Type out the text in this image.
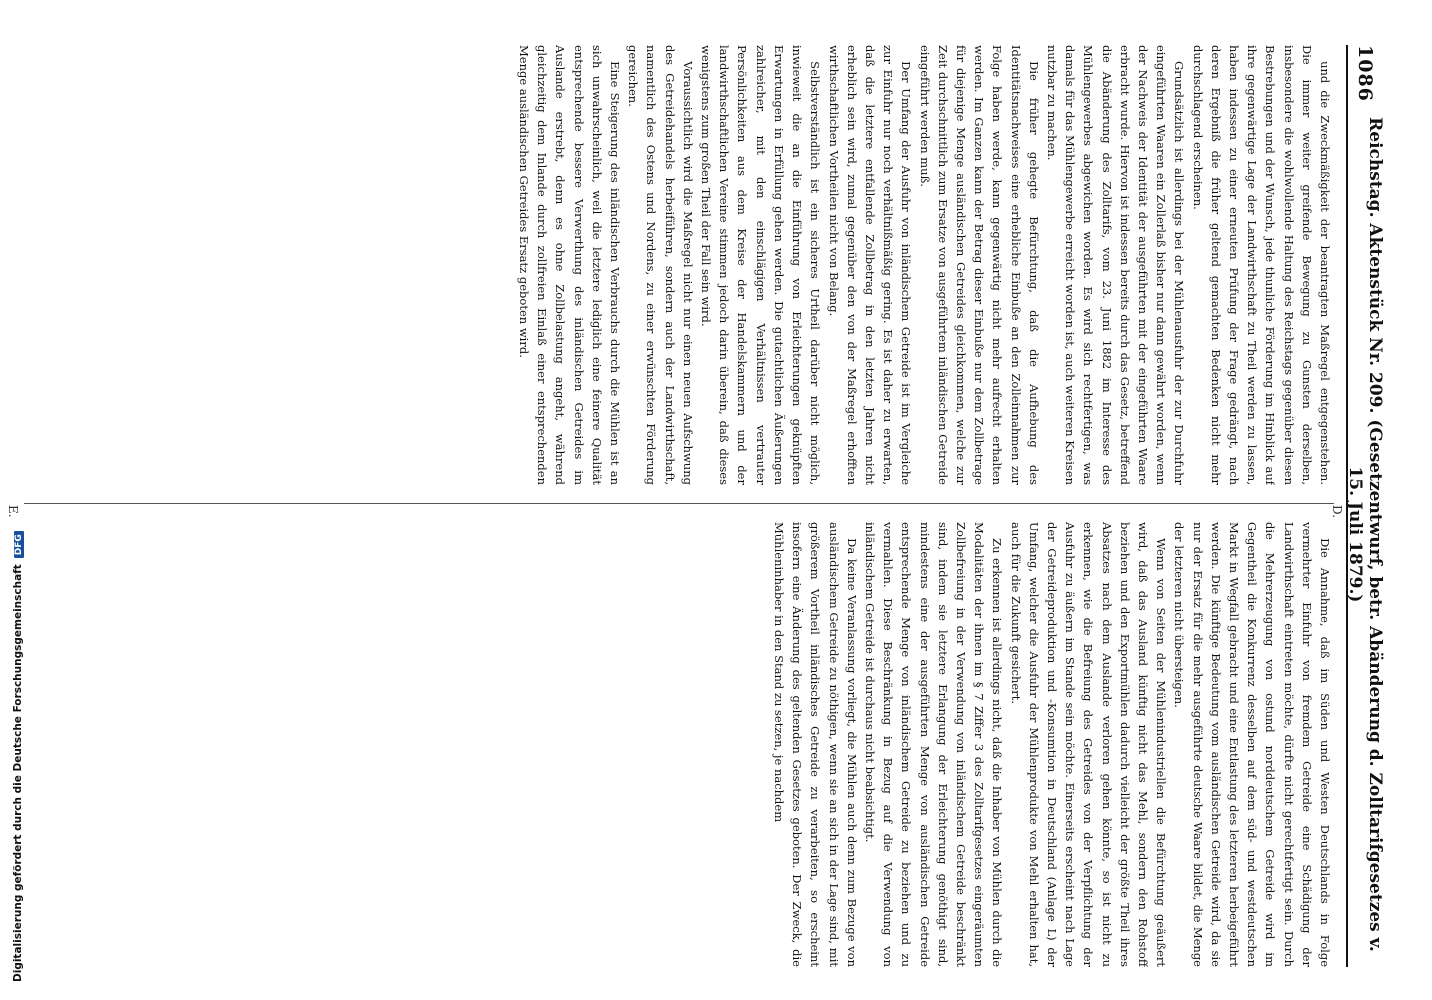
1086
Reichstag. Aktenstück Nr. 209. (Gesetzentwurf, betr. Abänderung d. Zolltarifgesetzes v. 15. Juli 1879.)

und die Zweckmäßigkeit der beantragten Maßregel entgegenstehen. Die immer weiter greifende Bewegung zu Gunsten derselben, insbesondere die wohlwollende Haltung des Reichstags gegenüber diesen Bestrebungen und der Wunsch, jede thunliche Förderung im Hinblick auf ihre gegenwärtige Lage der Landwirthschaft zu Theil werden zu lassen, haben indessen zu einer erneuten Prüfung der Frage gedrängt, nach deren Ergebniß die früher geltend gemachten Bedenken nicht mehr durchschlagend erscheinen.

Grundsätzlich ist allerdings bei der Mühlenausfuhr der zur Durchfuhr eingeführten Waaren ein Zollerlaß bisher nur dann gewährt worden, wenn der Nachweis der Identität der ausgeführten mit der eingeführten Waare erbracht wurde. Hiervon ist indessen bereits durch das Gesetz, betreffend die Abänderung des Zolltarifs, vom 23. Juni 1882 im Interesse des Mühlengewerbes abgewichen worden. Es wird sich rechtfertigen, was damals für das Mühlengewerbe erreicht worden ist, auch weiteren Kreisen nutzbar zu machen.

Die früher gehegte Befürchtung, daß die Aufhebung des Identitätsnachweises eine erhebliche Einbuße an den Zolleinnahmen zur Folge haben werde, kann gegenwärtig nicht mehr aufrecht erhalten werden. Im Ganzen kann der Betrag dieser Einbuße nur dem Zollbetrage für diejenige Menge ausländischen Getreides gleichkommen, welche zur Zeit durchschnittlich zum Ersatze von ausgeführtem inländischen Getreide eingeführt werden muß.

Der Umfang der Ausfuhr von inländischem Getreide ist im Vergleiche zur Einfuhr nur noch verhältnißmäßig gering. Es ist daher zu erwarten, daß die letztere entfallende Zollbetrag in den letzten Jahren nicht erheblich sein wird, zumal gegenüber den von der Maßregel erhofften wirthschaftlichen Vortheilen nicht von Belang.

Selbstverständlich ist ein sicheres Urtheil darüber nicht möglich, inwieweit die an die Einführung von Erleichterungen geknüpften Erwartungen in Erfüllung gehen werden. Die gutachtlichen Äußerungen zahlreicher, mit den einschlägigen Verhältnissen vertrauter Persönlichkeiten aus dem Kreise der Handelskammern und der landwirthschaftlichen Vereine stimmen jedoch darin überein, daß dieses wenigstens zum großen Theil der Fall sein wird.

Voraussichtlich wird die Maßregel nicht nur einen neuen Aufschwung des Getreidehandels herbeiführen, sondern auch der Landwirthschaft, namentlich des Ostens und Nordens, zu einer erwünschten Förderung gereichen.

Eine Steigerung des inländischen Verbrauchs durch die Mühlen ist an sich unwahrscheinlich, weil die letztere lediglich eine feinere Qualität entsprechende bessere Verwerthung des inländischen Getreides im Auslande erstrebt, denn es ohne Zollbelastung angeht, während gleichzeitig dem Inlande durch zollfreien Einlaß einer entsprechenden Menge ausländischen Getreides Ersatz geboten wird.

Die Annahme, daß im Süden und Westen Deutschlands in Folge vermehrter Einfuhr von fremdem Getreide eine Schädigung der Landwirthschaft eintreten möchte, dürfte nicht gerechtfertigt sein. Durch die Mehrerzeugung von ostund norddeutschem Getreide wird im Gegentheil die Konkurrenz desselben auf dem süd- und westdeutschen Markt in Wegfall gebracht und eine Entlastung des letzteren herbeigeführt werden. Die künftige Bedeutung vom ausländischen Getreide wird, da sie nur der Ersatz für die mehr ausgeführte deutsche Waare bildet, die Menge der letzteren nicht übersteigen.

Wenn von Seiten der Mühlenindustriellen die Befürchtung geäußert wird, daß das Ausland künftig nicht das Mehl, sondern den Rohstoff beziehen und den Exportmühlen dadurch vielleicht der größte Theil ihres Absatzes nach dem Auslande verloren gehen könnte, so ist nicht zu erkennen, wie die Befreiung des Getreides von der Verpflichtung der Ausfuhr zu äußern im Stande sein möchte. Einerseits erscheint nach Lage der Getreideproduktion und -Konsumtion in Deutschland (Anlage L) der Umfang, welcher die Ausfuhr der Mühlenprodukte von Mehl erhalten hat, auch für die Zukunft gesichert.

Zu erkennen ist allerdings nicht, daß die Inhaber von Mühlen durch die Modalitäten der ihnen im § 7 Ziffer 3 des Zolltarifgesetzes eingeräumten Zollbefreiung in der Verwendung von inländischem Getreide beschränkt sind, indem sie letztere Erlangung der Erleichterung genöthigt sind, mindestens eine der ausgeführten Menge von ausländischen Getreide entsprechende Menge von inländischem Getreide zu beziehen und zu vermahlen. Diese Beschränkung in Bezug auf die Verwendung von inländischem Getreide ist durchaus nicht beabsichtigt.

Da keine Veranlassung vorliegt, die Mühlen auch denn zum Bezuge von ausländischem Getreide zu nöthigen, wenn sie an sich in der Lage sind, mit größerem Vortheil inländisches Getreide zu verarbeiten, so erscheint insofern eine Änderung des geltenden Gesetzes geboten. Der Zweck, die Mühleninhaber in den Stand zu setzen, je nachdem

D.
E.
Digitalisierung gefördert durch die Deutsche ForschungsgemeinschaftDFG
